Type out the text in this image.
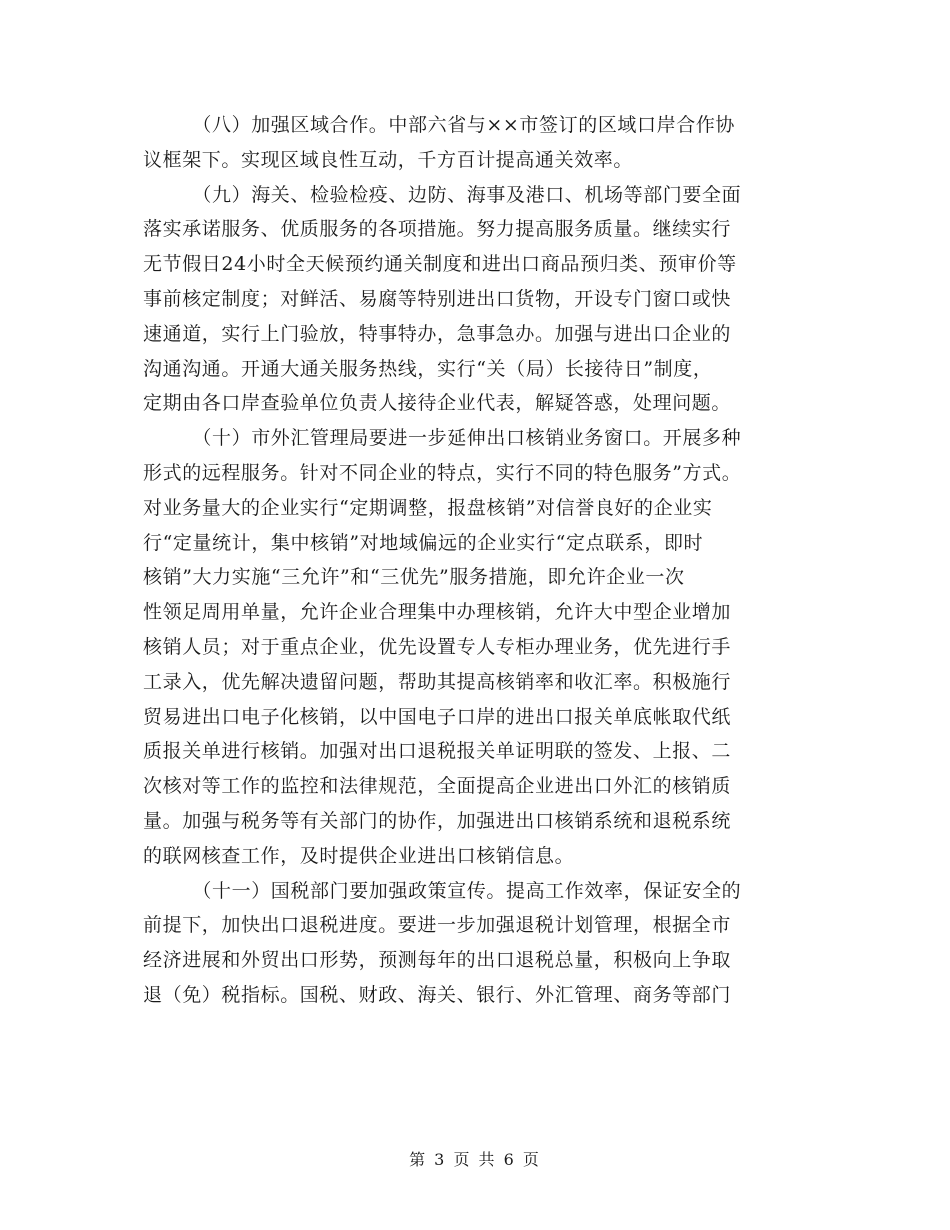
（八）加强区域合作。中部六省与××市签订的区域口岸合作协
议框架下。实现区域良性互动，千方百计提高通关效率。

（九）海关、检验检疫、边防、海事及港口、机场等部门要全面
落实承诺服务、优质服务的各项措施。努力提高服务质量。继续实行
无节假日24小时全天候预约通关制度和进出口商品预归类、预审价等
事前核定制度；对鲜活、易腐等特别进出口货物，开设专门窗口或快
速通道，实行上门验放，特事特办，急事急办。加强与进出口企业的
沟通沟通。开通大通关服务热线，实行“关（局）长接待日”制度，
定期由各口岸查验单位负责人接待企业代表，解疑答惑，处理问题。

（十）市外汇管理局要进一步延伸出口核销业务窗口。开展多种
形式的远程服务。针对不同企业的特点，实行不同的特色服务”方式。
对业务量大的企业实行“定期调整，报盘核销”对信誉良好的企业实
行“定量统计，集中核销”对地域偏远的企业实行“定点联系，即时
核销”大力实施“三允许”和“三优先”服务措施，即允许企业一次
性领足周用单量，允许企业合理集中办理核销，允许大中型企业增加
核销人员；对于重点企业，优先设置专人专柜办理业务，优先进行手
工录入，优先解决遗留问题，帮助其提高核销率和收汇率。积极施行
贸易进出口电子化核销，以中国电子口岸的进出口报关单底帐取代纸
质报关单进行核销。加强对出口退税报关单证明联的签发、上报、二
次核对等工作的监控和法律规范，全面提高企业进出口外汇的核销质
量。加强与税务等有关部门的协作，加强进出口核销系统和退税系统
的联网核查工作，及时提供企业进出口核销信息。

（十一）国税部门要加强政策宣传。提高工作效率，保证安全的
前提下，加快出口退税进度。要进一步加强退税计划管理，根据全市
经济进展和外贸出口形势，预测每年的出口退税总量，积极向上争取
退（免）税指标。国税、财政、海关、银行、外汇管理、商务等部门

第 3 页 共 6 页
